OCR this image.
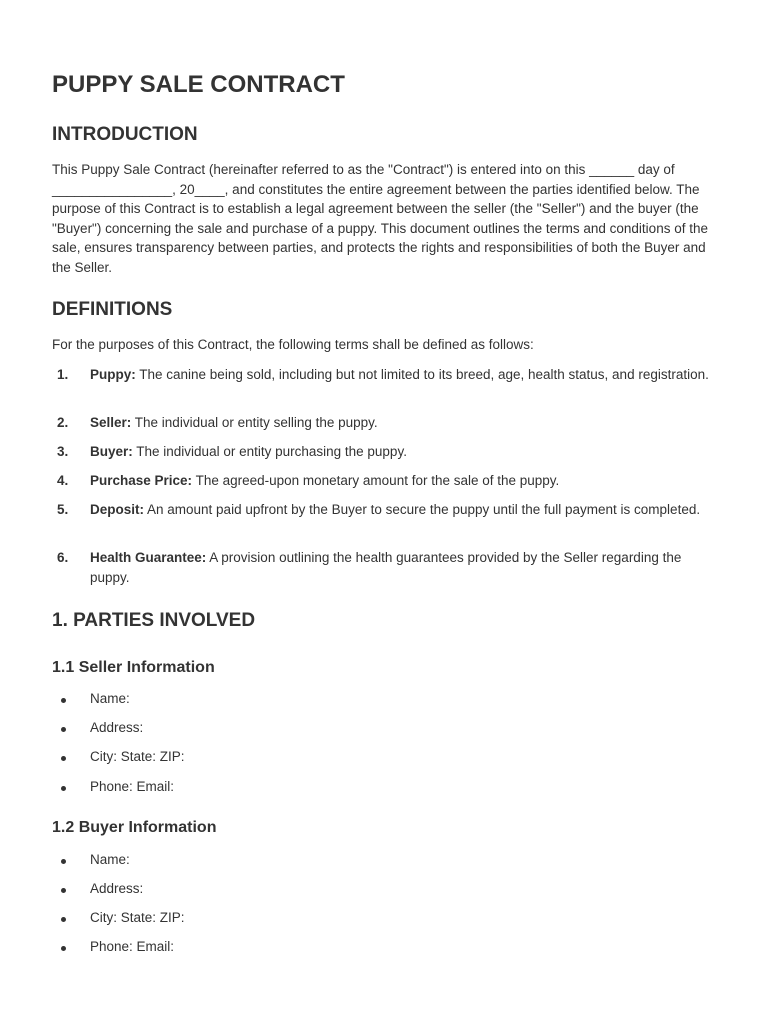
PUPPY SALE CONTRACT
INTRODUCTION

This Puppy Sale Contract (hereinafter referred to as the "Contract") is entered into on this ______ day of ________________, 20____, and constitutes the entire agreement between the parties identified below. The purpose of this Contract is to establish a legal agreement between the seller (the "Seller") and the buyer (the "Buyer") concerning the sale and purchase of a puppy. This document outlines the terms and conditions of the sale, ensures transparency between parties, and protects the rights and responsibilities of both the Buyer and the Seller.

DEFINITIONS

For the purposes of this Contract, the following terms shall be defined as follows:

1. Puppy: The canine being sold, including but not limited to its breed, age, health status, and registration.
2. Seller: The individual or entity selling the puppy.
3. Buyer: The individual or entity purchasing the puppy.
4. Purchase Price: The agreed-upon monetary amount for the sale of the puppy.
5. Deposit: An amount paid upfront by the Buyer to secure the puppy until the full payment is completed.
6. Health Guarantee: A provision outlining the health guarantees provided by the Seller regarding the puppy.
1. PARTIES INVOLVED
1.1 Seller Information
Name:
Address:
City: State: ZIP:
Phone: Email:
1.2 Buyer Information
Name:
Address:
City: State: ZIP:
Phone: Email:
